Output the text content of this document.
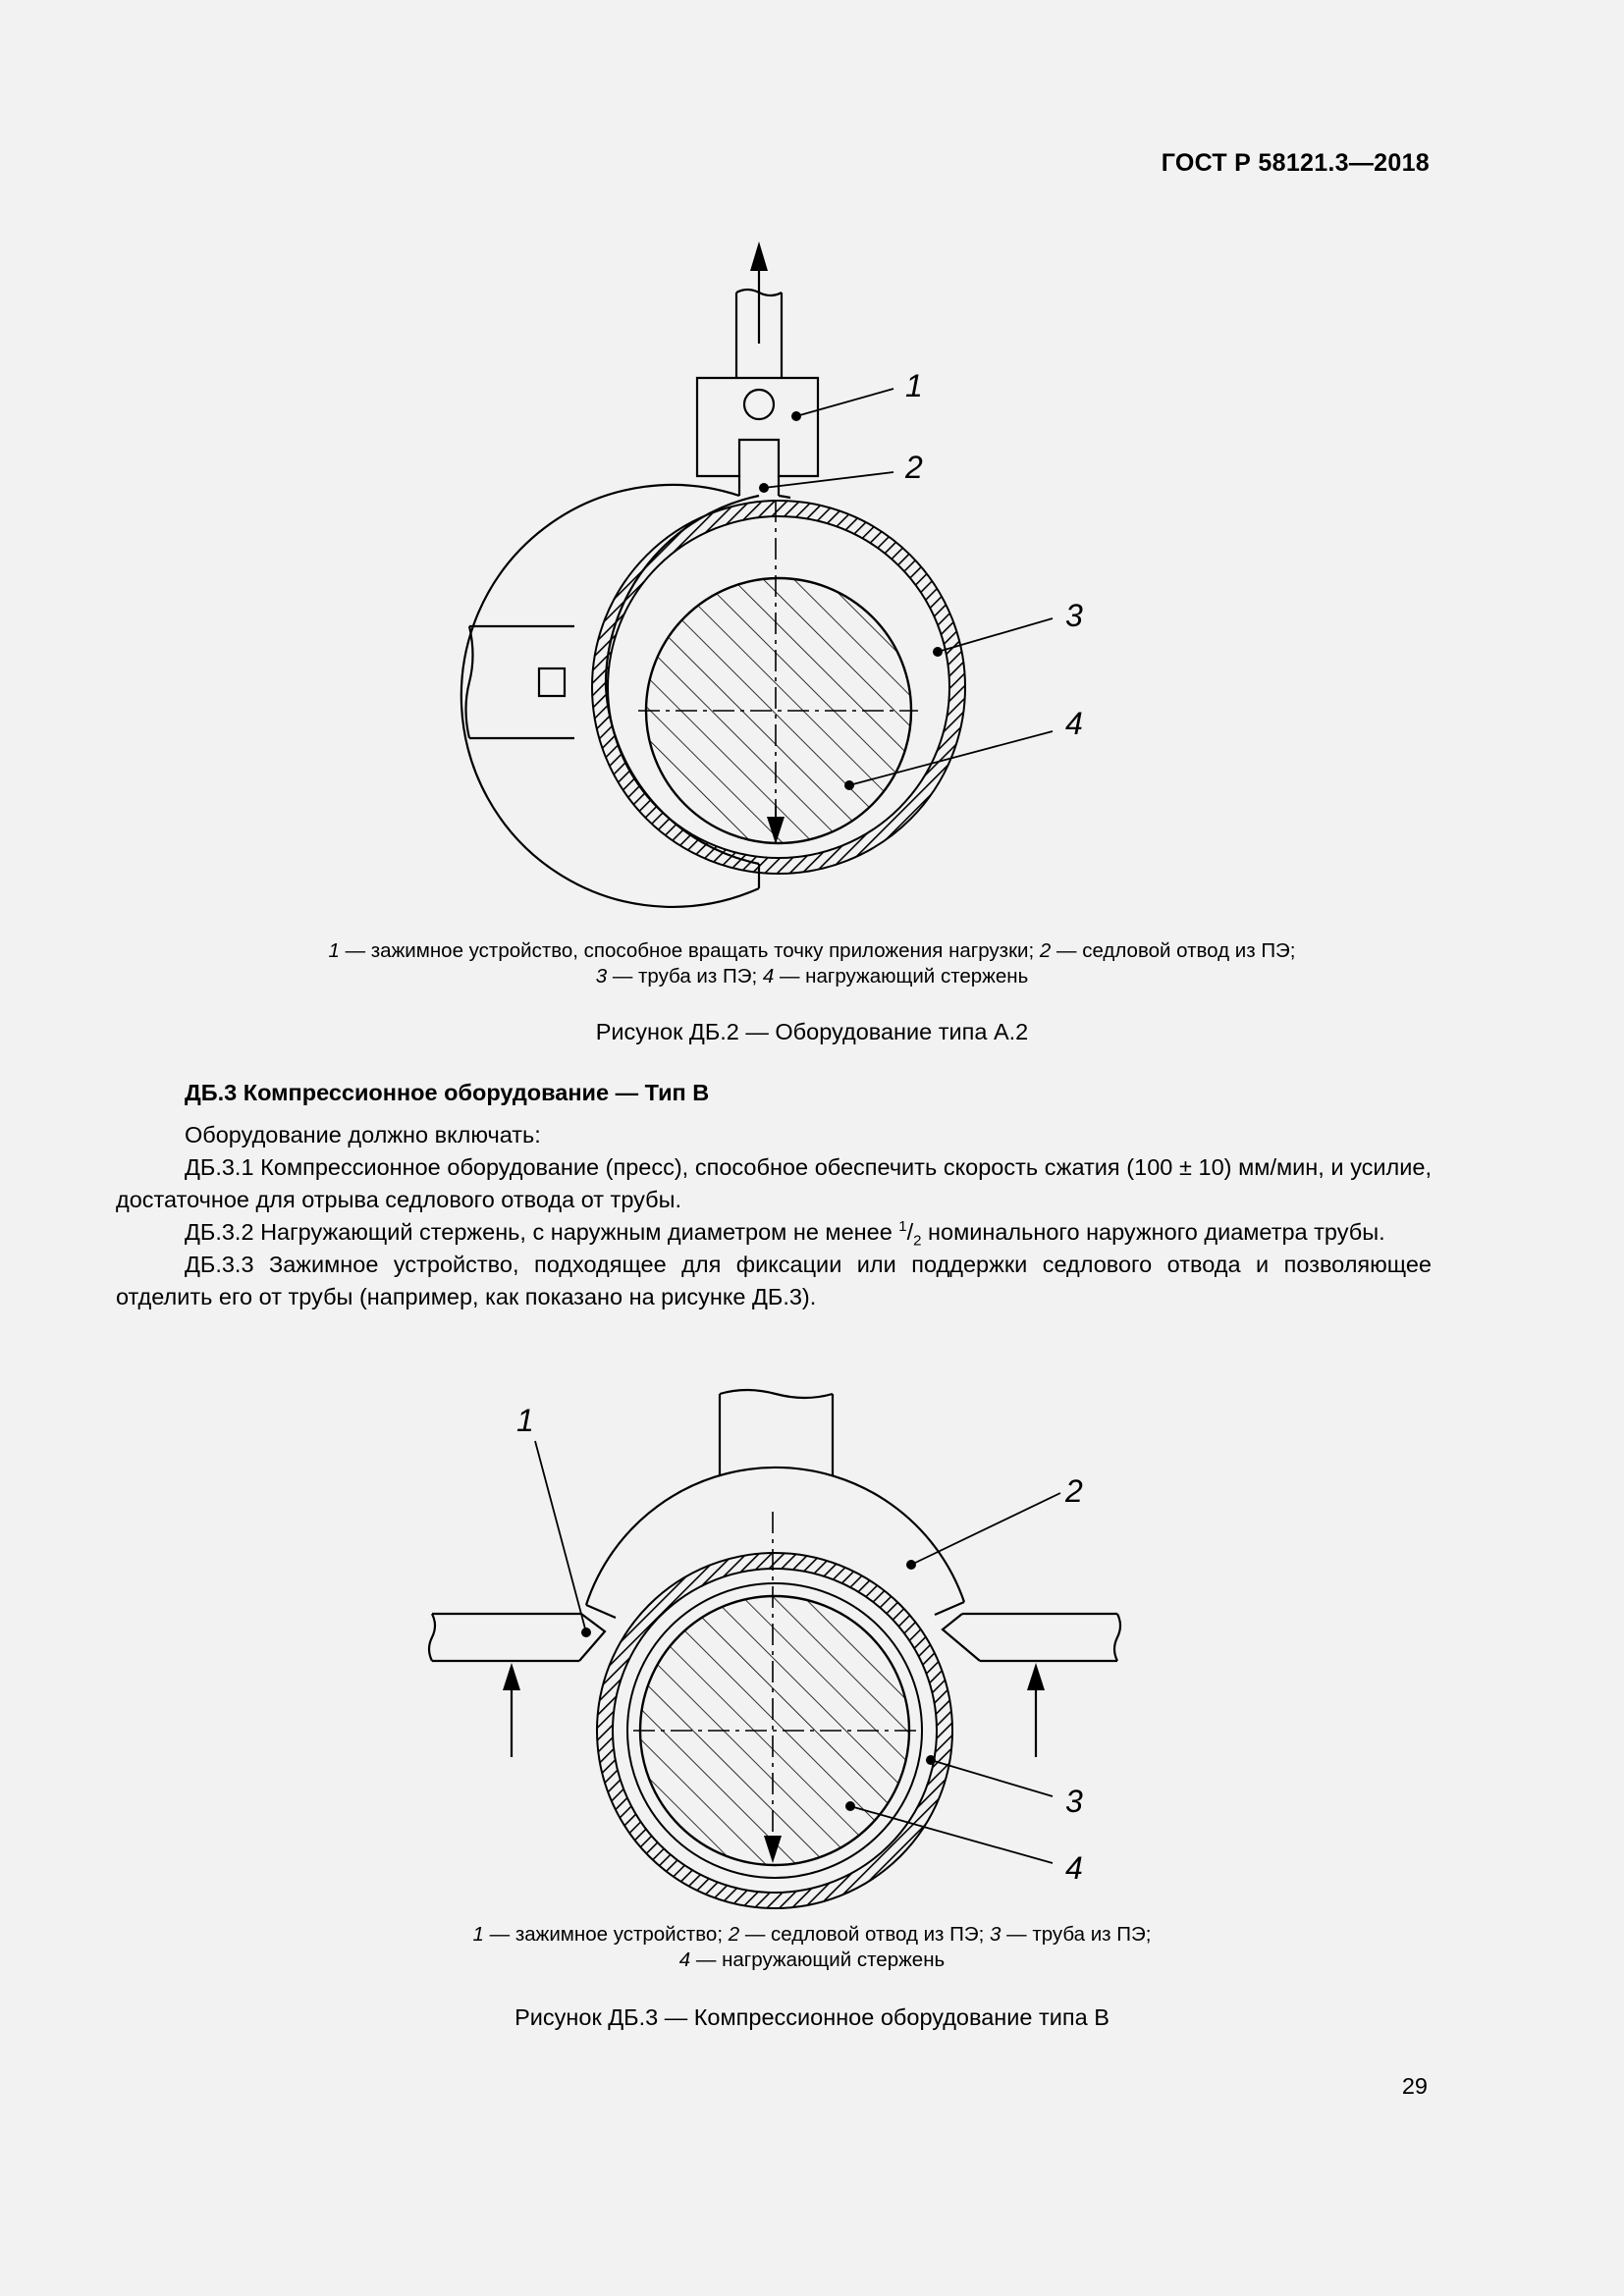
ГОСТ Р 58121.3—2018
1
2
3
4
1 — зажимное устройство, способное вращать точку приложения нагрузки; 2 — седловой отвод из ПЭ;
3 — труба из ПЭ; 4 — нагружающий стержень
Рисунок ДБ.2 — Оборудование типа А.2
ДБ.3 Компрессионное оборудование — Тип В

Оборудование должно включать:

ДБ.3.1 Компрессионное оборудование (пресс), способное обеспечить скорость сжатия (100 ± 10) мм/мин, и усилие, достаточное для отрыва седлового отвода от трубы.

ДБ.3.2 Нагружающий стержень, с наружным диаметром не менее $^1/_2$ номинального наружного диаметра трубы.

ДБ.3.3 Зажимное устройство, подходящее для фиксации или поддержки седлового отвода и позволяющее отделить его от трубы (например, как показано на рисунке ДБ.3).

1
2
3
4
1 — зажимное устройство; 2 — седловой отвод из ПЭ; 3 — труба из ПЭ;
4 — нагружающий стержень
Рисунок ДБ.3 — Компрессионное оборудование типа В
29
